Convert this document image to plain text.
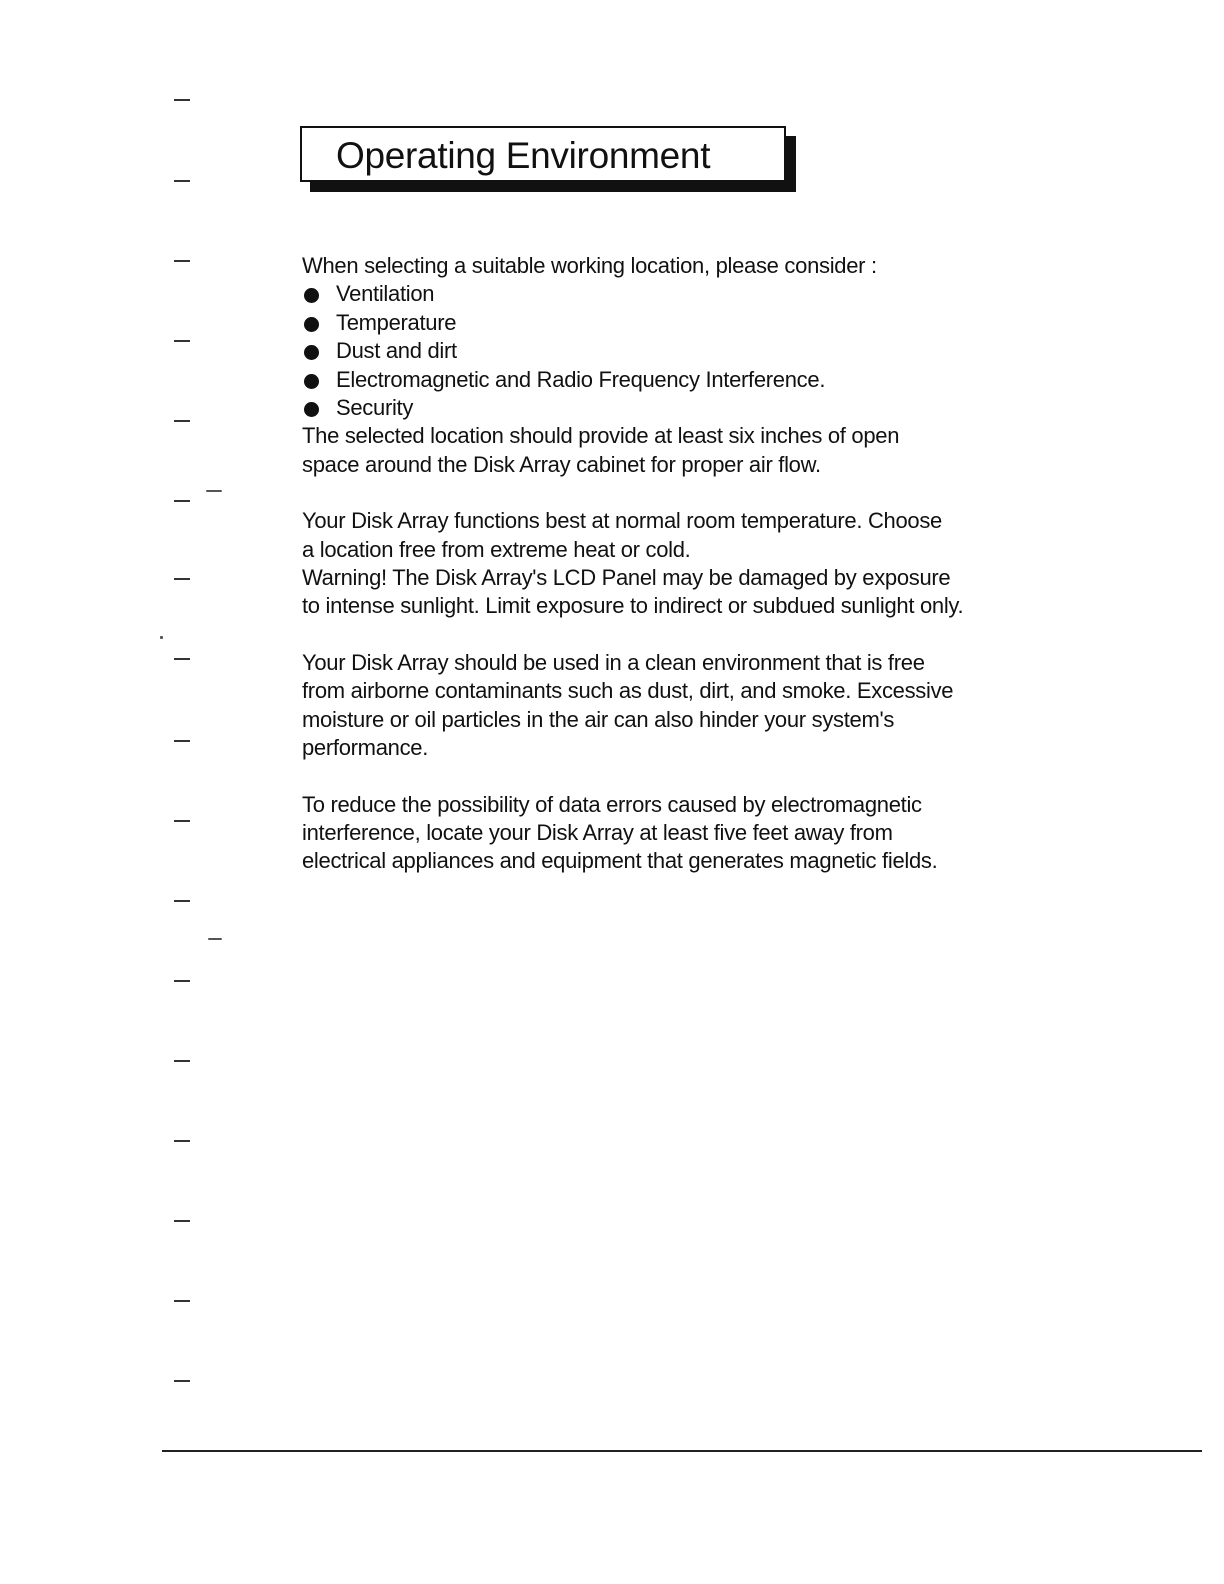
Operating Environment

When selecting a suitable working location, please consider :

Ventilation
Temperature
Dust and dirt
Electromagnetic and Radio Frequency Interference.
Security

The selected location should provide at least six inches of open

space around the Disk Array cabinet for proper air flow.

Your Disk Array functions best at normal room temperature. Choose

a location free from extreme heat or cold.

Warning! The Disk Array's LCD Panel may be damaged by exposure

to intense sunlight. Limit exposure to indirect or subdued sunlight only.

Your Disk Array should be used in a clean environment that is free

from airborne contaminants such as dust, dirt, and smoke. Excessive

moisture or oil particles in the air can also hinder your system's

performance.

To reduce the possibility of data errors caused by electromagnetic

interference, locate your Disk Array at least five feet away from

electrical appliances and equipment that generates magnetic fields.
